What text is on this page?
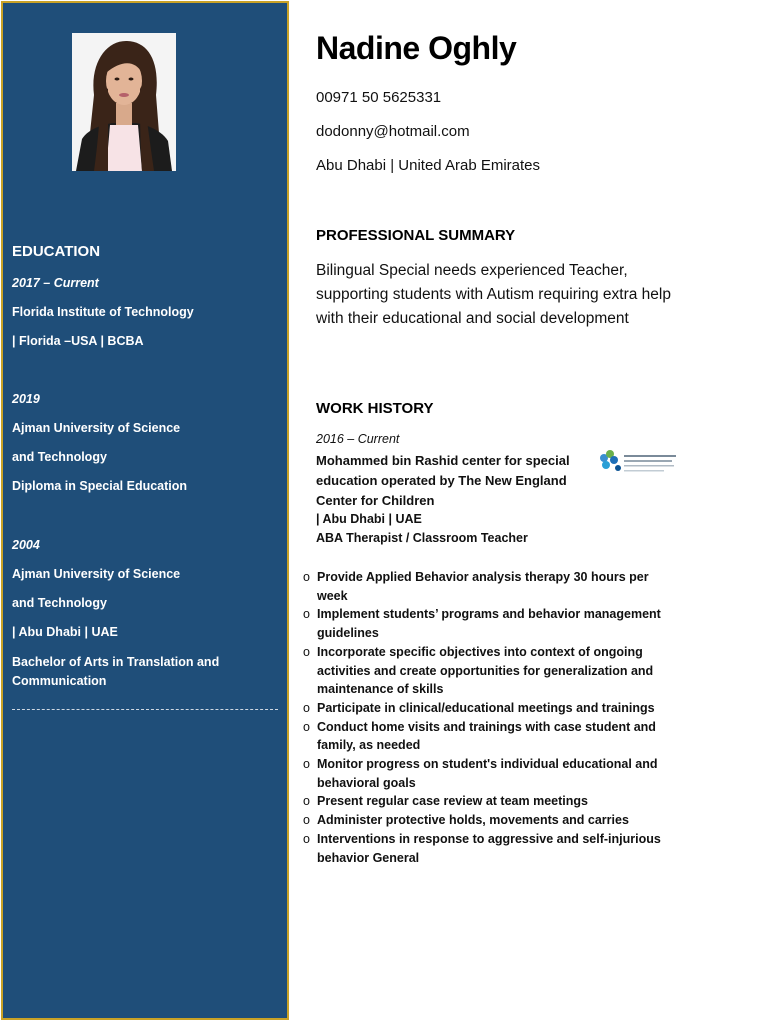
EDUCATION
2017 – Current
Florida Institute of Technology
| Florida –USA | BCBA
2019
Ajman University of Science
and Technology
Diploma in Special Education
2004
Ajman University of Science
and Technology
| Abu Dhabi | UAE
Bachelor of Arts in Translation and Communication
Nadine Oghly
00971 50 5625331
dodonny@hotmail.com
Abu Dhabi | United Arab Emirates
PROFESSIONAL SUMMARY
Bilingual Special needs experienced Teacher, supporting students with Autism requiring extra help with their educational and social development
WORK HISTORY
2016 – Current
Mohammed bin Rashid center for special education operated by The New England Center for Children
| Abu Dhabi | UAE
ABA Therapist / Classroom Teacher
o Provide Applied Behavior analysis therapy 30 hours per week
o Implement students’ programs and behavior management guidelines
o Incorporate specific objectives into context of ongoing activities and create opportunities for generalization and maintenance of skills
o Participate in clinical/educational meetings and trainings
o Conduct home visits and trainings with case student and family, as needed
o Monitor progress on student's individual educational and behavioral goals
o Present regular case review at team meetings
o Administer protective holds, movements and carries
o Interventions in response to aggressive and self-injurious behavior General
